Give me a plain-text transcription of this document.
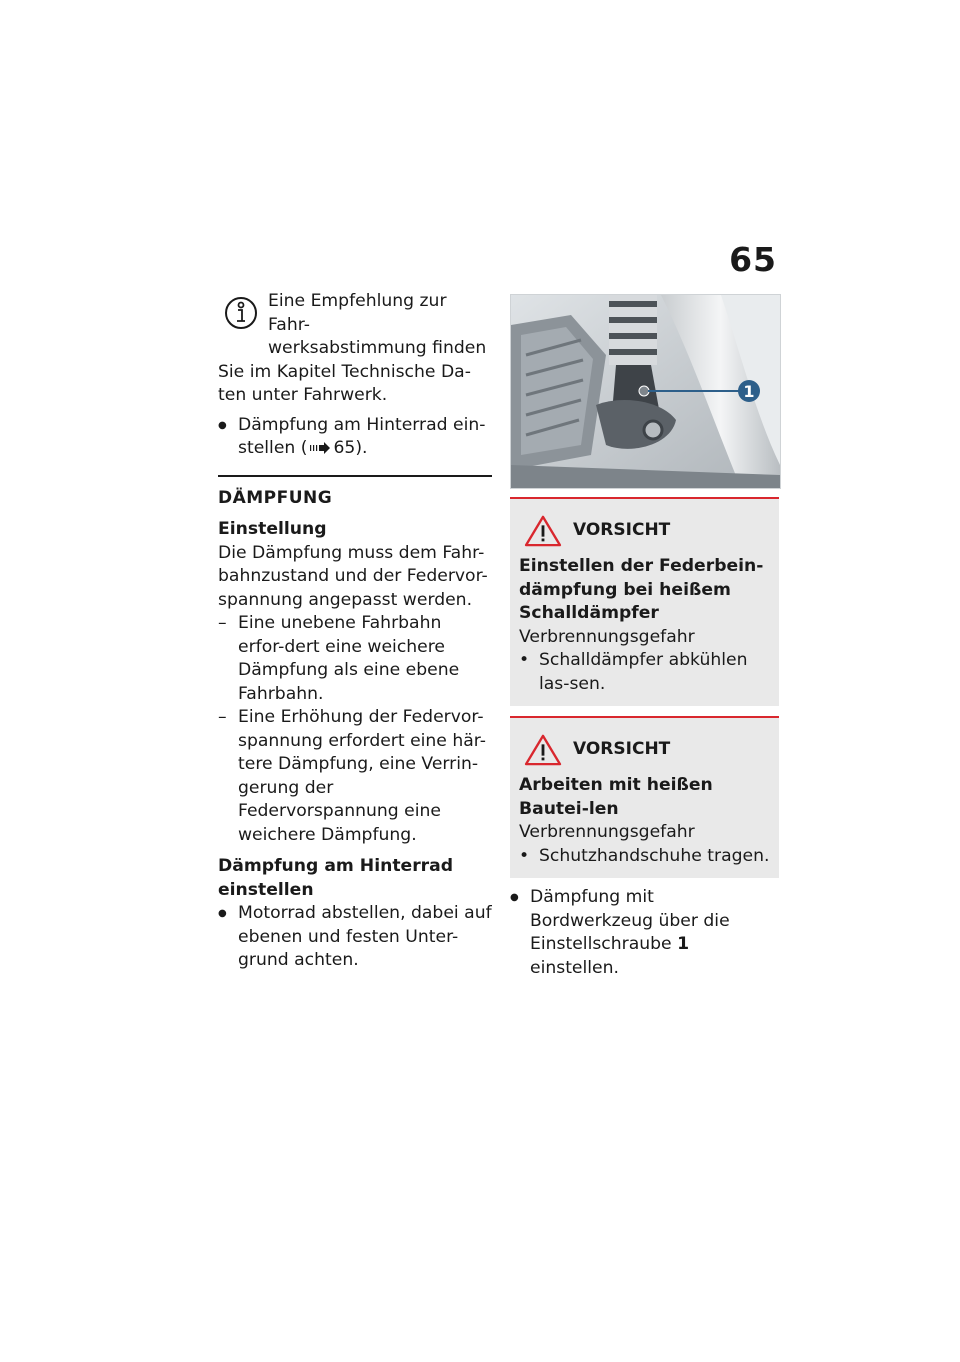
65
Eine Empfehlung zur Fahr-
werksabstimmung finden
Sie im Kapitel Technische Da-ten unter Fahrwerk.
● Dämpfung am Hinterrad ein-stellen ( 65).
DÄMPFUNG
Einstellung
Die Dämpfung muss dem Fahr-bahnzustand und der Federvor-spannung angepasst werden.
– Eine unebene Fahrbahn erfor-dert eine weichere Dämpfung als eine ebene Fahrbahn.
– Eine Erhöhung der Federvor-spannung erfordert eine här-tere Dämpfung, eine Verrin-gerung der Federvorspannung eine weichere Dämpfung.
Dämpfung am Hinterrad einstellen
● Motorrad abstellen, dabei auf ebenen und festen Unter-grund achten.
1
VORSICHT
Einstellen der Federbein-dämpfung bei heißem Schalldämpfer
Verbrennungsgefahr
• Schalldämpfer abkühlen las-sen.
VORSICHT
Arbeiten mit heißen Bautei-len
Verbrennungsgefahr
• Schutzhandschuhe tragen.
● Dämpfung mit Bordwerkzeug über die Einstellschraube 1 einstellen.
